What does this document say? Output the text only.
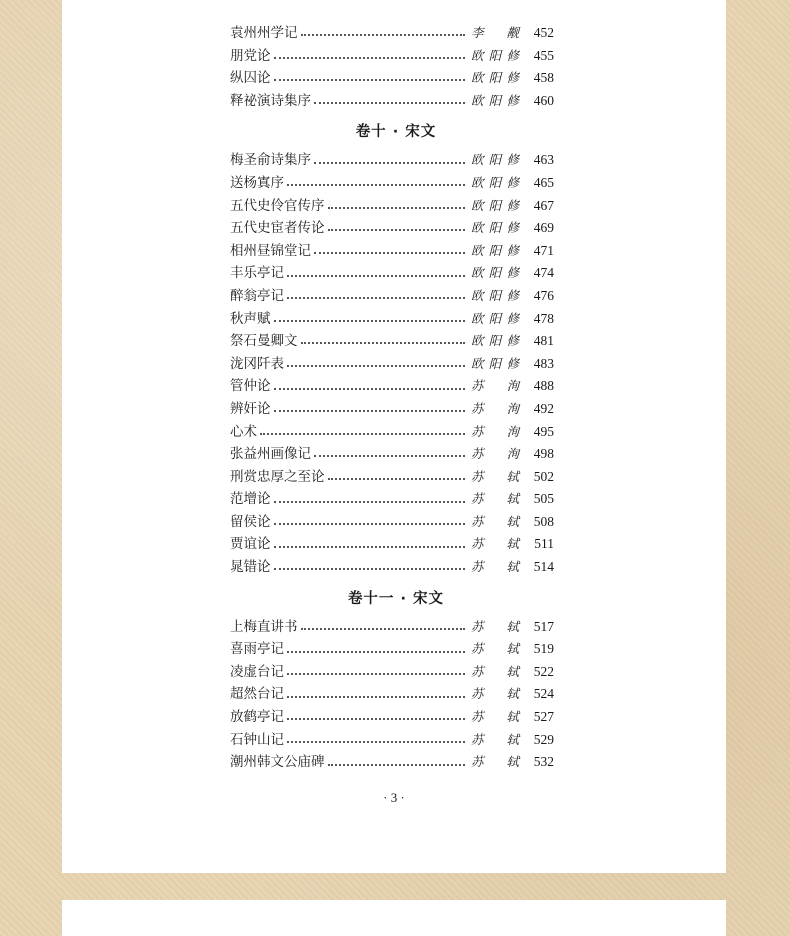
袁州州学记	李觏	452
朋党论	欧阳修	455
纵囚论	欧阳修	458
释祕演诗集序	欧阳修	460
卷十 · 宋文
梅圣俞诗集序	欧阳修	463
送杨寘序	欧阳修	465
五代史伶官传序	欧阳修	467
五代史宦者传论	欧阳修	469
相州昼锦堂记	欧阳修	471
丰乐亭记	欧阳修	474
醉翁亭记	欧阳修	476
秋声赋	欧阳修	478
祭石曼卿文	欧阳修	481
泷冈阡表	欧阳修	483
管仲论	苏洵	488
辨奸论	苏洵	492
心术	苏洵	495
张益州画像记	苏洵	498
刑赏忠厚之至论	苏轼	502
范增论	苏轼	505
留侯论	苏轼	508
贾谊论	苏轼	511
晁错论	苏轼	514
卷十一 · 宋文
上梅直讲书	苏轼	517
喜雨亭记	苏轼	519
凌虚台记	苏轼	522
超然台记	苏轼	524
放鹤亭记	苏轼	527
石钟山记	苏轼	529
潮州韩文公庙碑	苏轼	532
· 3 ·
